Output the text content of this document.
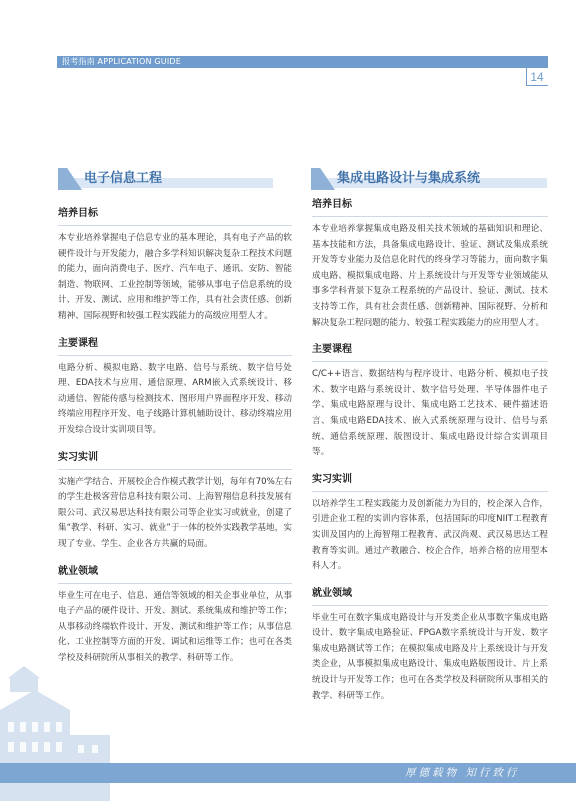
报考指南 APPLICATION GUIDE
14
电子信息工程	集成电路设计与集成系统
培养目标
本专业培养掌握电子信息专业的基本理论，具有电子产品的软硬件设计与开发能力，融合多学科知识解决复杂工程技术问题的能力，面向消费电子、医疗、汽车电子、通讯、安防、智能制造、物联网、工业控制等领域，能够从事电子信息系统的设计、开发、测试、应用和维护等工作，具有社会责任感、创新精神、国际视野和较强工程实践能力的高级应用型人才。
主要课程
电路分析、模拟电路、数字电路、信号与系统、数字信号处理、EDA技术与应用、通信原理、ARM嵌入式系统设计、移动通信、智能传感与检测技术、图形用户界面程序开发、移动终端应用程序开发、电子线路计算机辅助设计、移动终端应用开发综合设计实训项目等。
实习实训
实施产学结合、开展校企合作模式教学计划，每年有70%左右的学生赴极客营信息科技有限公司、上海智翔信息科技发展有限公司、武汉易思达科技有限公司等企业实习或就业，创建了集“教学、科研、实习、就业”于一体的校外实践教学基地，实现了专业、学生、企业各方共赢的局面。
就业领域
毕业生可在电子、信息、通信等领域的相关企事业单位，从事电子产品的硬件设计、开发、测试、系统集成和维护等工作；从事移动终端软件设计、开发、测试和维护等工作；从事信息化、工业控制等方面的开发、调试和运维等工作；也可在各类学校及科研院所从事相关的教学、科研等工作。
培养目标
本专业培养掌握集成电路及相关技术领域的基础知识和理论、基本技能和方法，具备集成电路设计、验证、测试及集成系统开发等专业能力及信息化时代的终身学习等能力，面向数字集成电路、模拟集成电路、片上系统设计与开发等专业领域能从事多学科背景下复杂工程系统的产品设计、验证、测试、技术支持等工作，具有社会责任感、创新精神、国际视野、分析和解决复杂工程问题的能力、较强工程实践能力的应用型人才。
主要课程
C/C++语言、数据结构与程序设计、电路分析、模拟电子技术、数字电路与系统设计、数字信号处理、半导体器件电子学、集成电路原理与设计、集成电路工艺技术、硬件描述语言、集成电路EDA技术、嵌入式系统原理与设计、信号与系统、通信系统原理、版图设计、集成电路设计综合实训项目等。
实习实训
以培养学生工程实践能力及创新能力为目的，校企深入合作，引进企业工程的实训内容体系，包括国际的印度NIIT工程教育实训及国内的上海智翔工程教育、武汉尚观、武汉易思达工程教育等实训。通过产教融合、校企合作，培养合格的应用型本科人才。
就业领域
毕业生可在数字集成电路设计与开发类企业从事数字集成电路设计、数字集成电路验证、FPGA数字系统设计与开发、数字集成电路测试等工作；在模拟集成电路及片上系统设计与开发类企业，从事模拟集成电路设计、集成电路版图设计、片上系统设计与开发等工作；也可在各类学校及科研院所从事相关的教学、科研等工作。
厚德载物 知行致行
